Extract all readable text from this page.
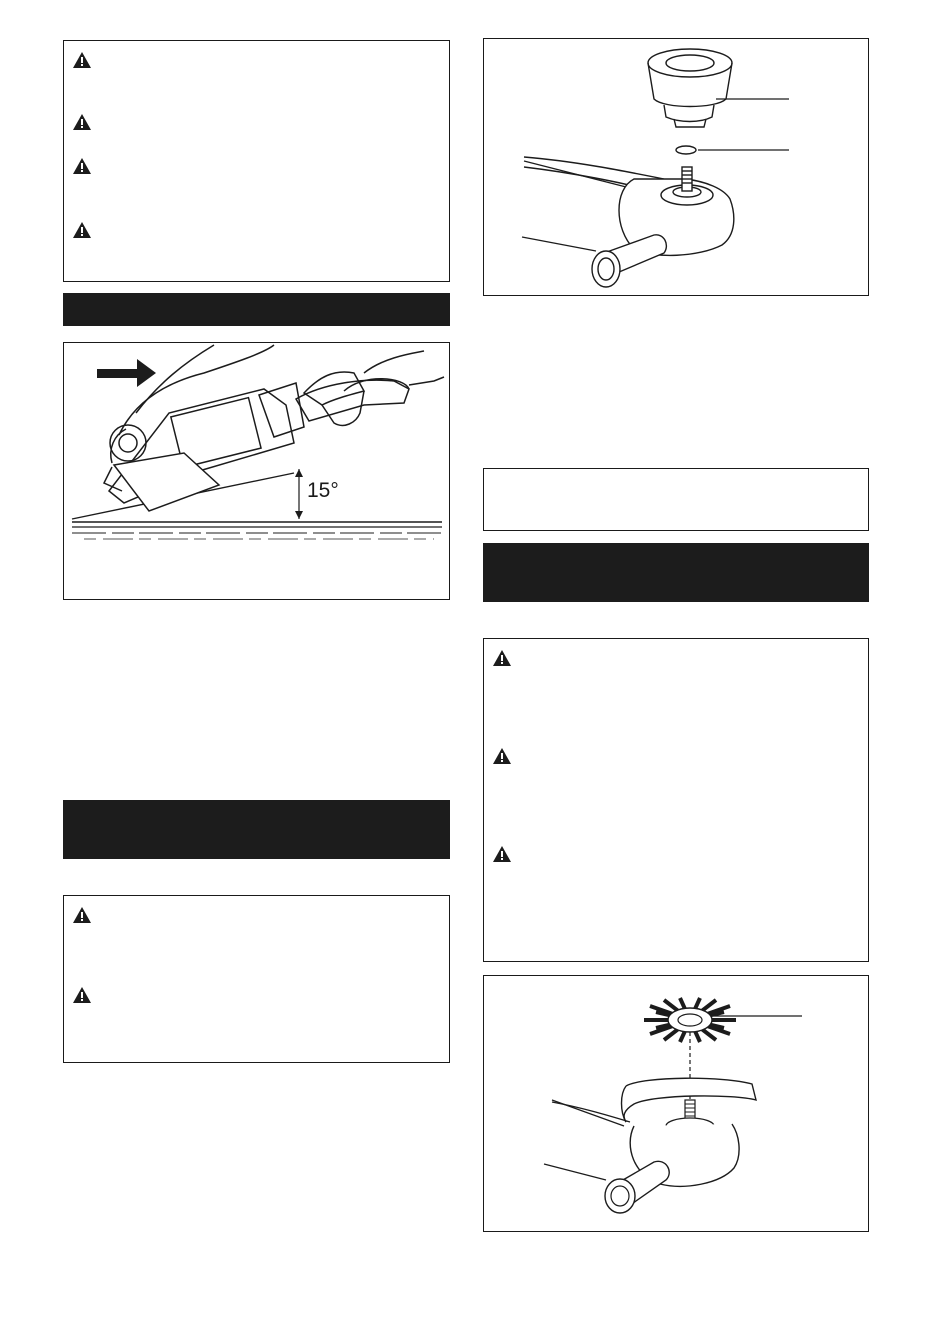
15°
